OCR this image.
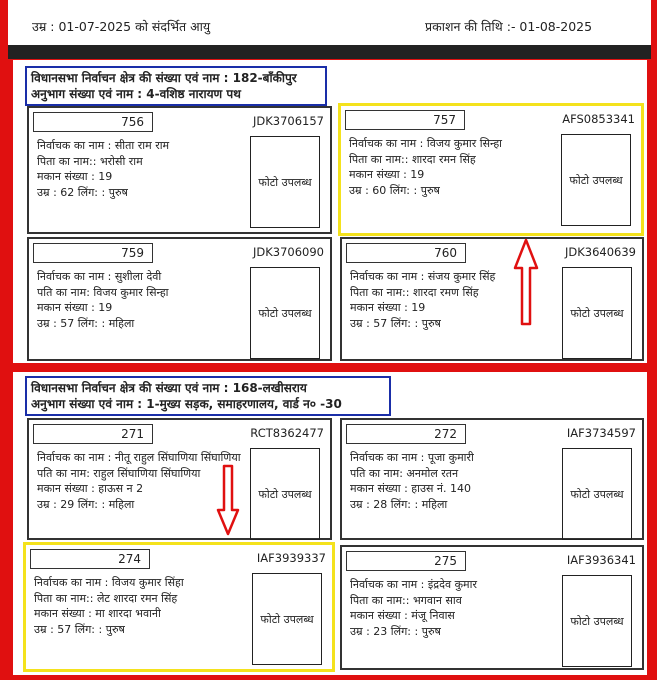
उम्र : 01-07-2025 को संदर्भित आयु	प्रकाशन की तिथि :- 01-08-2025
विधानसभा निर्वाचन क्षेत्र की संख्या एवं नाम : 182-बाँकीपुर
अनुभाग संख्या एवं नाम : 4-वशिष्ठ नारायण पथ
756	JDK3706157
निर्वाचक का नाम : सीता राम राम
पिता का नाम:: भरोसी राम
मकान संख्या : 19
उम्र : 62 लिंग: : पुरुष
फोटो उपलब्ध
757	AFS0853341
निर्वाचक का नाम : विजय कुमार सिन्हा
पिता का नाम:: शारदा रमन सिंह
मकान संख्या : 19
उम्र : 60 लिंग: : पुरुष
फोटो उपलब्ध
759	JDK3706090
निर्वाचक का नाम : सुशीला देवी
पति का नाम: विजय कुमार सिन्हा
मकान संख्या : 19
उम्र : 57 लिंग: : महिला
फोटो उपलब्ध
760	JDK3640639
निर्वाचक का नाम : संजय कुमार सिंह
पिता का नाम:: शारदा रमण सिंह
मकान संख्या : 19
उम्र : 57 लिंग: : पुरुष
फोटो उपलब्ध
विधानसभा निर्वाचन क्षेत्र की संख्या एवं नाम : 168-लखीसराय
अनुभाग संख्या एवं नाम : 1-मुख्य सड़क, समाहरणालय, वार्ड न० -30
271	RCT8362477
निर्वाचक का नाम : नीतू राहुल सिंघाणिया सिंघाणिया
पति का नाम: राहुल सिंघाणिया सिंघाणिया
मकान संख्या : हाऊस न 2
उम्र : 29 लिंग: : महिला
फोटो उपलब्ध
272	IAF3734597
निर्वाचक का नाम : पूजा कुमारी
पति का नाम: अनमोल रतन
मकान संख्या : हाउस नं. 140
उम्र : 28 लिंग: : महिला
फोटो उपलब्ध
274	IAF3939337
निर्वाचक का नाम : विजय कुमार सिंहा
पिता का नाम:: लेट शारदा रमन सिंह
मकान संख्या : मा शारदा भवानी
उम्र : 57 लिंग: : पुरुष
फोटो उपलब्ध
275	IAF3936341
निर्वाचक का नाम : इंद्रदेव कुमार
पिता का नाम:: भगवान साव
मकान संख्या : मंजू निवास
उम्र : 23 लिंग: : पुरुष
फोटो उपलब्ध
